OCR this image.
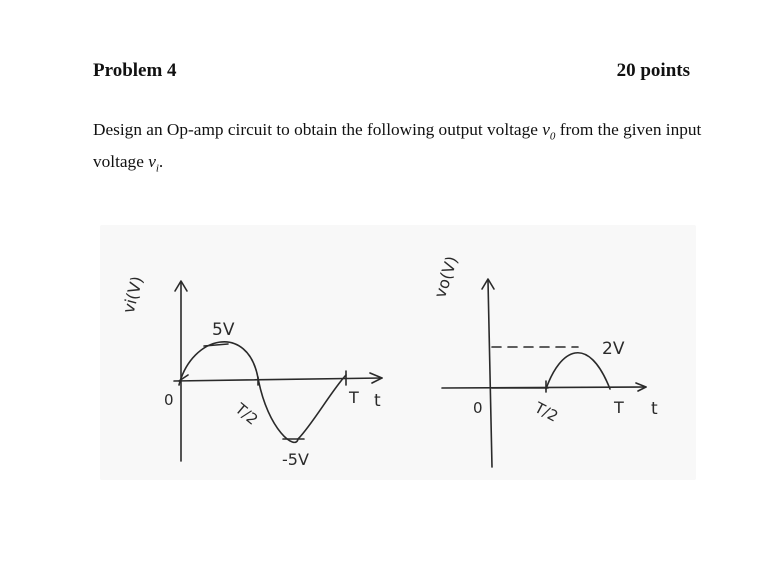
Problem 4	20 points
Design an Op-amp circuit to obtain the following output voltage $v_0$ from the given input voltage $v_i$.
vi(V)
0
5V
-5V
T/2
T t
vo(V)
0
2V
T/2	T t
